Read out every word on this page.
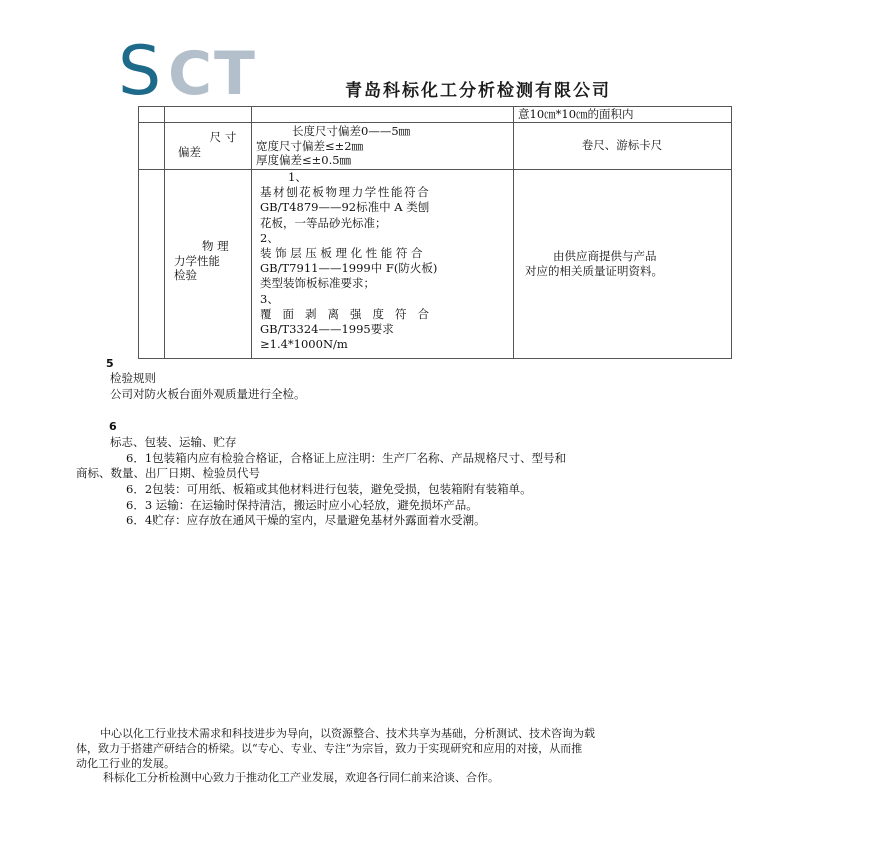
S CT	青岛科标化工分析检测有限公司
意10㎝*10㎝的面积内
尺 寸
偏差
长度尺寸偏差0——5㎜
宽度尺寸偏差≤±2㎜
厚度偏差≤±0.5㎜
卷尺、游标卡尺
物 理
力学性能
检验
1、
基材刨花板物理力学性能符合
GB/T4879——92标准中 A 类刨
花板，一等品砂光标准；
2、
装饰层压板理化性能符合
GB/T7911——1999中 F(防火板)
类型装饰板标准要求；
3、
覆面剥离强度符合
GB/T3324——1995要求
≥1.4*1000N/m
由供应商提供与产品
对应的相关质量证明资料。
5
检验规则
公司对防火板台面外观质量进行全检。
6
标志、包装、运输、贮存
6．1包装箱内应有检验合格证，合格证上应注明：生产厂名称、产品规格尺寸、型号和
商标、数量、出厂日期、检验员代号
6．2包装：可用纸、板箱或其他材料进行包装，避免受损，包装箱附有装箱单。
6．3 运输：在运输时保持清洁，搬运时应小心轻放，避免损坏产品。
6．4贮存：应存放在通风干燥的室内，尽量避免基材外露面着水受潮。
中心以化工行业技术需求和科技进步为导向，以资源整合、技术共享为基础，分析测试、技术咨询为载
体，致力于搭建产研结合的桥梁。以“专心、专业、专注“为宗旨，致力于实现研究和应用的对接，从而推
动化工行业的发展。
科标化工分析检测中心致力于推动化工产业发展，欢迎各行同仁前来洽谈、合作。
